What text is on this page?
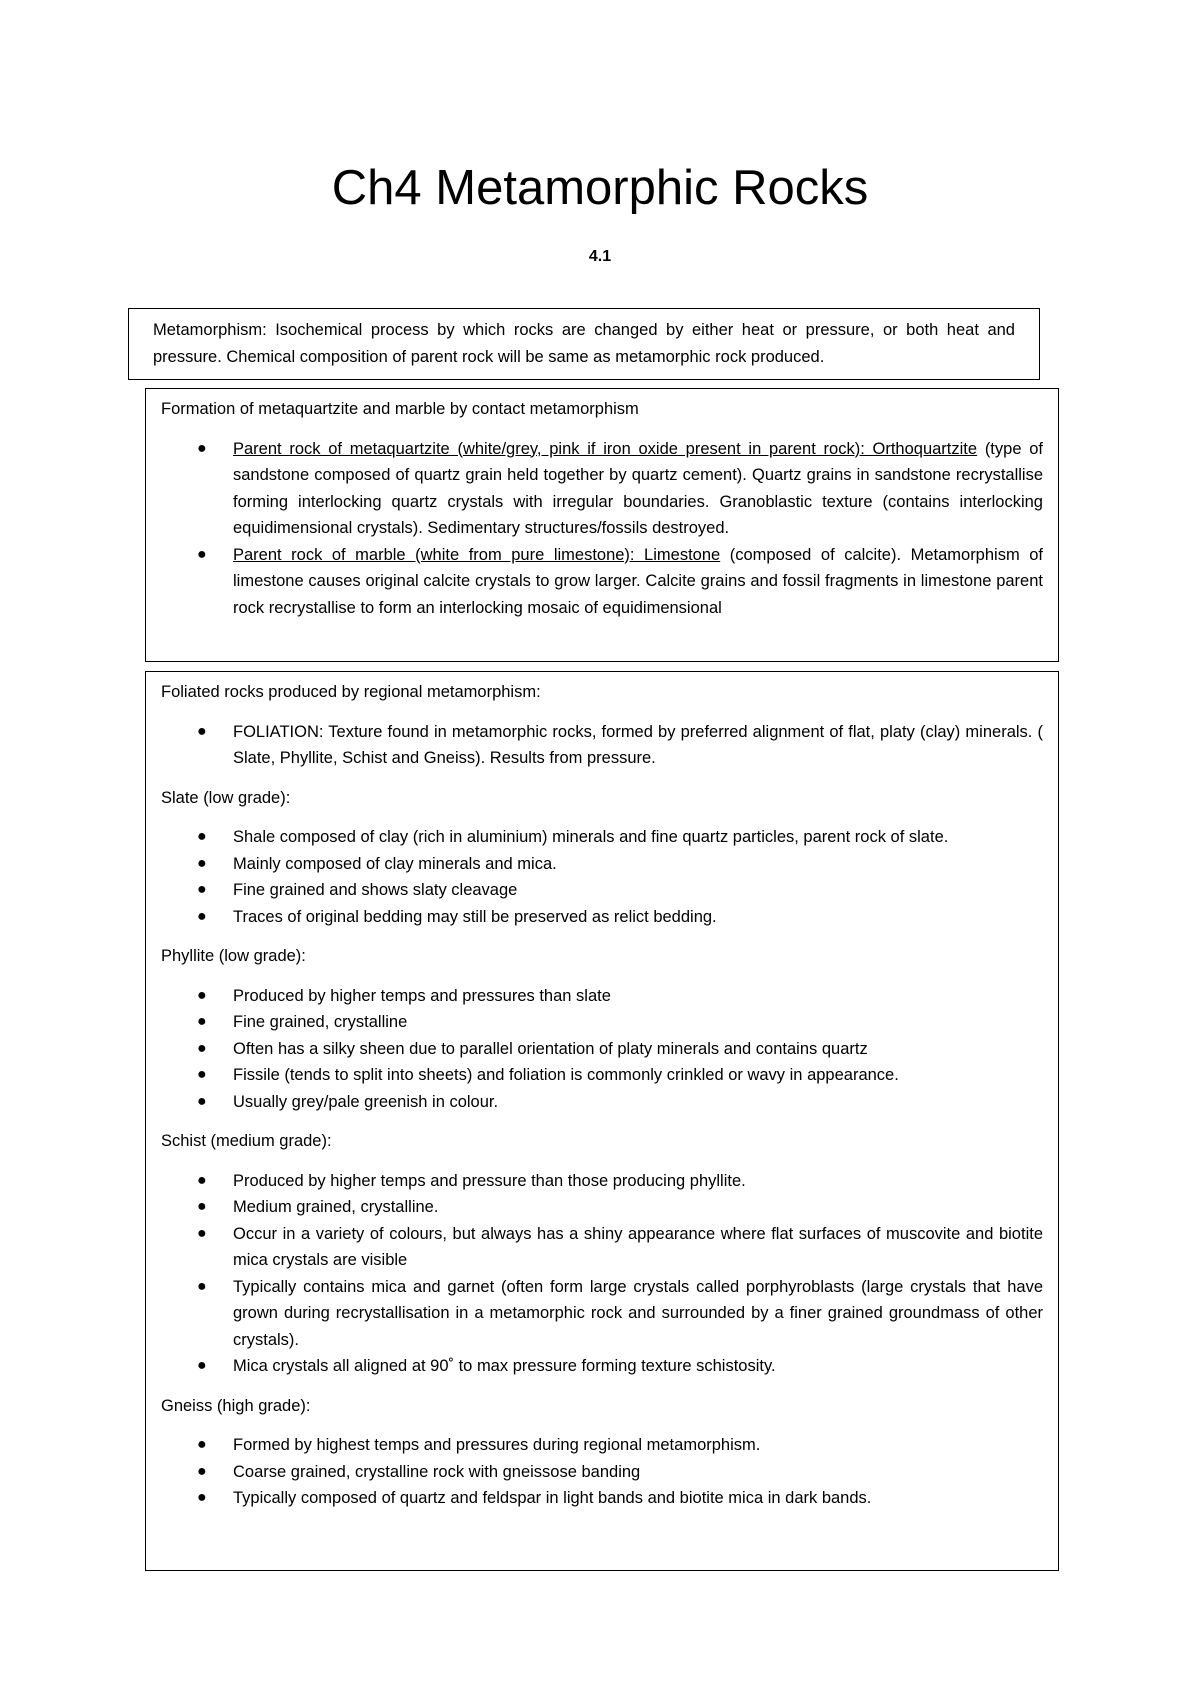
Ch4 Metamorphic Rocks
4.1

Metamorphism: Isochemical process by which rocks are changed by either heat or pressure, or both heat and pressure. Chemical composition of parent rock will be same as metamorphic rock produced.

Formation of metaquartzite and marble by contact metamorphism

● Parent rock of metaquartzite (white/grey, pink if iron oxide present in parent rock): Orthoquartzite (type of sandstone composed of quartz grain held together by quartz cement). Quartz grains in sandstone recrystallise forming interlocking quartz crystals with irregular boundaries. Granoblastic texture (contains interlocking equidimensional crystals). Sedimentary structures/fossils destroyed.
● Parent rock of marble (white from pure limestone): Limestone (composed of calcite). Metamorphism of limestone causes original calcite crystals to grow larger. Calcite grains and fossil fragments in limestone parent rock recrystallise to form an interlocking mosaic of equidimensional

Foliated rocks produced by regional metamorphism:

● FOLIATION: Texture found in metamorphic rocks, formed by preferred alignment of flat, platy (clay) minerals. ( Slate, Phyllite, Schist and Gneiss). Results from pressure.

Slate (low grade):

● Shale composed of clay (rich in aluminium) minerals and fine quartz particles, parent rock of slate.
● Mainly composed of clay minerals and mica.
● Fine grained and shows slaty cleavage
● Traces of original bedding may still be preserved as relict bedding.

Phyllite (low grade):

● Produced by higher temps and pressures than slate
● Fine grained, crystalline
● Often has a silky sheen due to parallel orientation of platy minerals and contains quartz
● Fissile (tends to split into sheets) and foliation is commonly crinkled or wavy in appearance.
● Usually grey/pale greenish in colour.

Schist (medium grade):

● Produced by higher temps and pressure than those producing phyllite.
● Medium grained, crystalline.
● Occur in a variety of colours, but always has a shiny appearance where flat surfaces of muscovite and biotite mica crystals are visible
● Typically contains mica and garnet (often form large crystals called porphyroblasts (large crystals that have grown during recrystallisation in a metamorphic rock and surrounded by a finer grained groundmass of other crystals).
● Mica crystals all aligned at 90˚ to max pressure forming texture schistosity.

Gneiss (high grade):

● Formed by highest temps and pressures during regional metamorphism.
● Coarse grained, crystalline rock with gneissose banding
● Typically composed of quartz and feldspar in light bands and biotite mica in dark bands.
